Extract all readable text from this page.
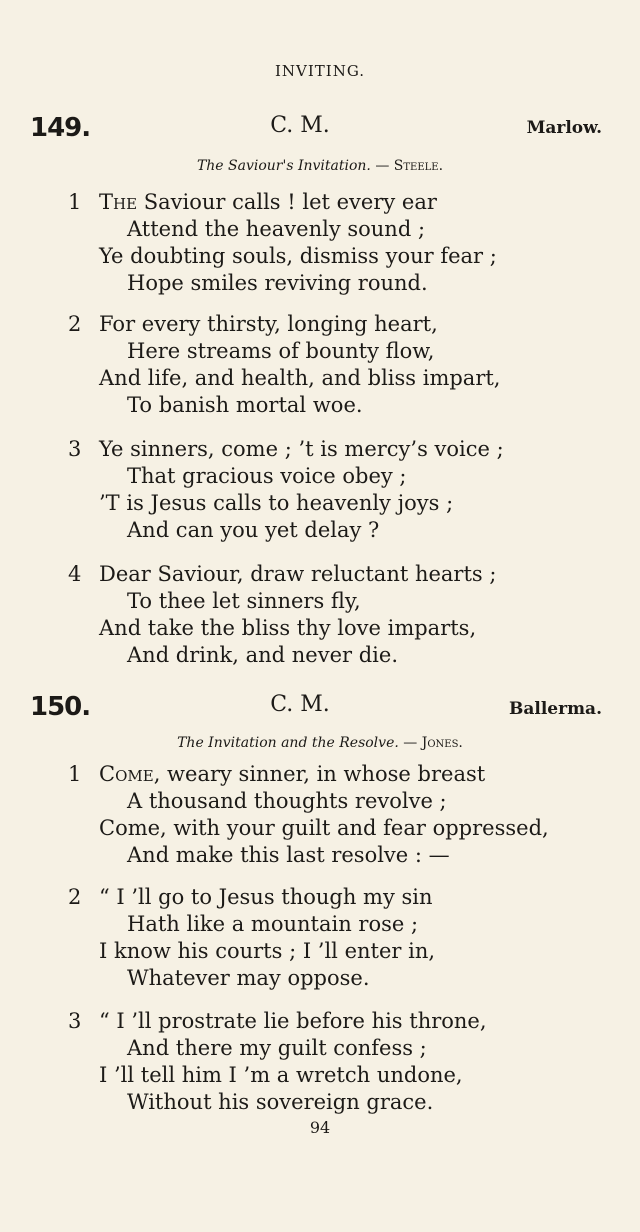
INVITING.
149.	C. M.	Marlow.
The Saviour's Invitation. — Steele.
1 The Saviour calls ! let every ear
Attend the heavenly sound ;
Ye doubting souls, dismiss your fear ;
Hope smiles reviving round.
2 For every thirsty, longing heart,
Here streams of bounty flow,
And life, and health, and bliss impart,
To banish mortal woe.
3 Ye sinners, come ; ’t is mercy’s voice ;
That gracious voice obey ;
’T is Jesus calls to heavenly joys ;
And can you yet delay ?
4 Dear Saviour, draw reluctant hearts ;
To thee let sinners fly,
And take the bliss thy love imparts,
And drink, and never die.
150.	C. M.	Ballerma.
The Invitation and the Resolve. — Jones.
1 Come, weary sinner, in whose breast
A thousand thoughts revolve ;
Come, with your guilt and fear oppressed,
And make this last resolve : —
2 “ I ’ll go to Jesus though my sin
Hath like a mountain rose ;
I know his courts ; I ’ll enter in,
Whatever may oppose.
3 “ I ’ll prostrate lie before his throne,
And there my guilt confess ;
I ’ll tell him I ’m a wretch undone,
Without his sovereign grace.
94
